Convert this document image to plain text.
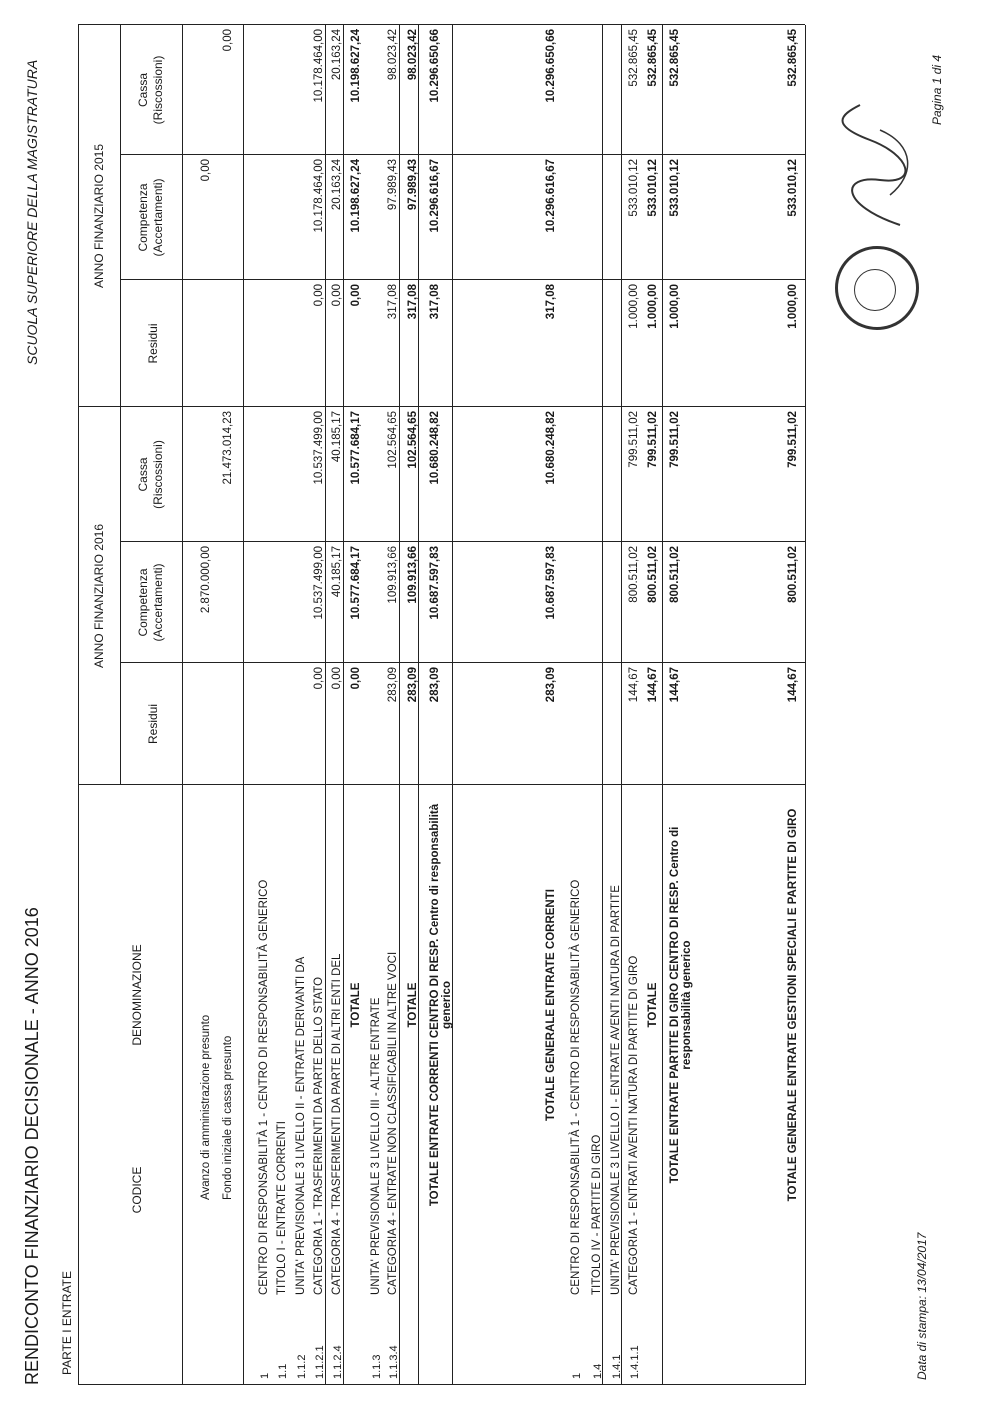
RENDICONTO FINANZIARIO DECISIONALE - ANNO 2016
SCUOLA SUPERIORE DELLA MAGISTRATURA
PARTE I ENTRATE
CODICE
DENOMINAZIONE
ANNO FINANZIARIO 2016
ANNO FINANZIARIO 2015
Residui
Competenza (Accertamenti)
Cassa (Riscossioni)
Residui
Competenza (Accertamenti)
Cassa (Riscossioni)
Avanzo di amministrazione presunto
2.870.000,00
0,00
Fondo iniziale di cassa presunto
21.473.014,23
0,00
1
CENTRO DI RESPONSABILITÀ 1 - CENTRO DI RESPONSABILITÀ GENERICO
1.1
TITOLO I - ENTRATE CORRENTI
1.1.2
UNITA' PREVISIONALE 3 LIVELLO II - ENTRATE DERIVANTI DA
1.1.2.1
CATEGORIA 1 - TRASFERIMENTI DA PARTE DELLO STATO
0,00
10.537.499,00
10.537.499,00
0,00
10.178.464,00
10.178.464,00
1.1.2.4
CATEGORIA 4 - TRASFERIMENTI DA PARTE DI ALTRI ENTI DEL
0,00
40.185,17
40.185,17
0,00
20.163,24
20.163,24
TOTALE
0,00
10.577.684,17
10.577.684,17
0,00
10.198.627,24
10.198.627,24
1.1.3
UNITA' PREVISIONALE 3 LIVELLO III - ALTRE ENTRATE
1.1.3.4
CATEGORIA 4 - ENTRATE NON CLASSIFICABILI IN ALTRE VOCI
283,09
109.913,66
102.564,65
317,08
97.989,43
98.023,42
TOTALE
283,09
109.913,66
102.564,65
317,08
97.989,43
98.023,42
TOTALE ENTRATE CORRENTI CENTRO DI RESP. Centro di responsabilità generico
283,09
10.687.597,83
10.680.248,82
317,08
10.296.616,67
10.296.650,66
TOTALE GENERALE ENTRATE CORRENTI
283,09
10.687.597,83
10.680.248,82
317,08
10.296.616,67
10.296.650,66
1
CENTRO DI RESPONSABILITÀ 1 - CENTRO DI RESPONSABILITÀ GENERICO
1.4
TITOLO IV - PARTITE DI GIRO
1.4.1
UNITA' PREVISIONALE 3 LIVELLO I - ENTRATE AVENTI NATURA DI PARTITE
1.4.1.1
CATEGORIA 1 - ENTRATI AVENTI NATURA DI PARTITE DI GIRO
144,67
800.511,02
799.511,02
1.000,00
533.010,12
532.865,45
TOTALE
144,67
800.511,02
799.511,02
1.000,00
533.010,12
532.865,45
TOTALE ENTRATE PARTITE DI GIRO CENTRO DI RESP. Centro di responsabilità generico
144,67
800.511,02
799.511,02
1.000,00
533.010,12
532.865,45
TOTALE GENERALE ENTRATE GESTIONI SPECIALI E PARTITE DI GIRO
144,67
800.511,02
799.511,02
1.000,00
533.010,12
532.865,45
Data di stampa: 13/04/2017
Pagina 1 di 4
